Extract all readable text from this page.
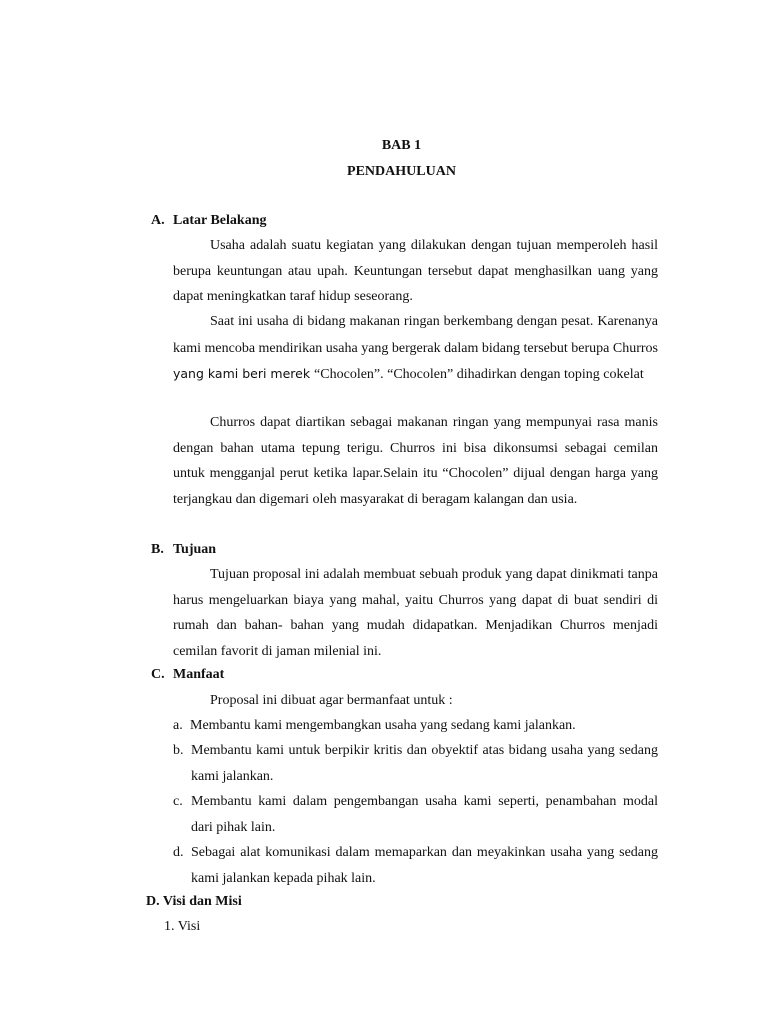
BAB 1
PENDAHULUAN
A. Latar Belakang

Usaha adalah suatu kegiatan yang dilakukan dengan tujuan memperoleh hasil berupa keuntungan atau upah. Keuntungan tersebut dapat menghasilkan uang yang dapat meningkatkan taraf hidup seseorang.

Saat ini usaha di bidang makanan ringan berkembang dengan pesat. Karenanya kami mencoba mendirikan usaha yang bergerak dalam bidang tersebut berupa Churros yang kami beri merek “Chocolen”. “Chocolen” dihadirkan dengan toping cokelat

Churros dapat diartikan sebagai makanan ringan yang mempunyai rasa manis dengan bahan utama tepung terigu. Churros ini bisa dikonsumsi sebagai cemilan untuk mengganjal perut ketika lapar.Selain itu “Chocolen” dijual dengan harga yang terjangkau dan digemari oleh masyarakat di beragam kalangan dan usia.

B. Tujuan

Tujuan proposal ini adalah membuat sebuah produk yang dapat dinikmati tanpa harus mengeluarkan biaya yang mahal, yaitu Churros yang dapat di buat sendiri di rumah dan bahan- bahan yang mudah didapatkan. Menjadikan Churros menjadi cemilan favorit di jaman milenial ini.

C. Manfaat

Proposal ini dibuat agar bermanfaat untuk :

a. Membantu kami mengembangkan usaha yang sedang kami jalankan.
b. Membantu kami untuk berpikir kritis dan obyektif atas bidang usaha yang sedang kami jalankan.
c. Membantu kami dalam pengembangan usaha kami seperti, penambahan modal dari pihak lain.
d. Sebagai alat komunikasi dalam memaparkan dan meyakinkan usaha yang sedang kami jalankan kepada pihak lain.
D. Visi dan Misi
1. Visi
